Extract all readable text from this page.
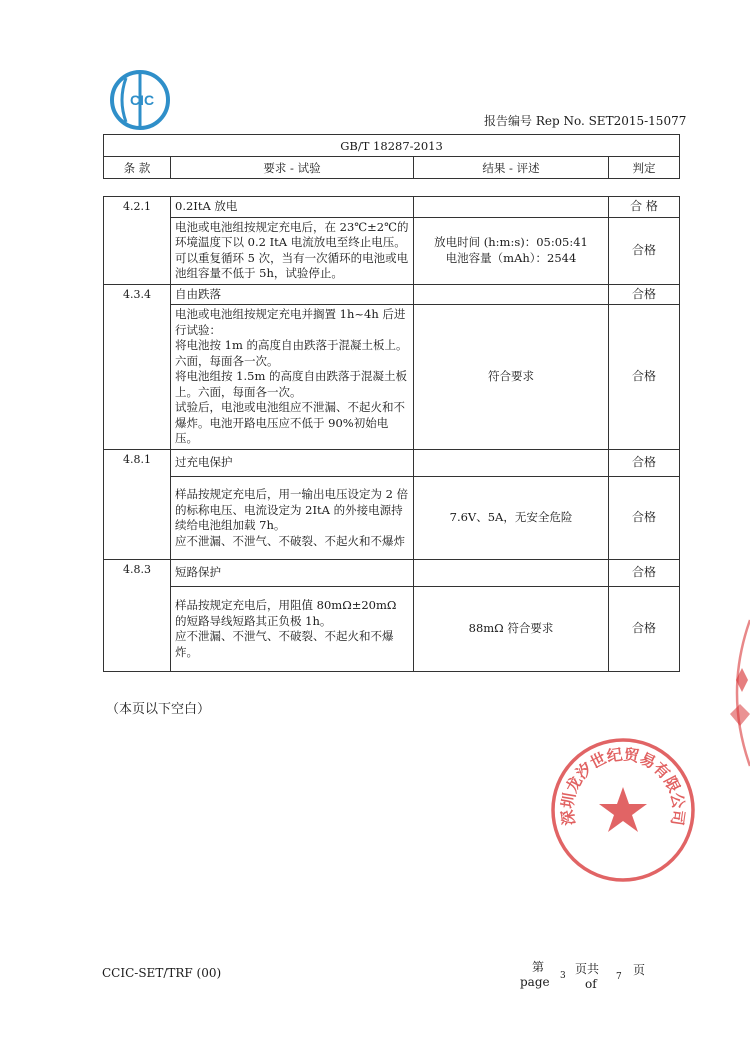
CIC
报告编号 Rep No. SET2015-15077
GB/T 18287-2013
条 款	要求 - 试验	结果 - 评述	判定
4.2.1	0.2ItA 放电		合 格
	电池或电池组按规定充电后，在 23℃±2℃的环境温度下以 0.2 ItA 电流放电至终止电压。可以重复循环 5 次，当有一次循环的电池或电池组容量不低于 5h，试验停止。	放电时间 (h:m:s)：05:05:41
电池容量（mAh）：2544	合格
4.3.4	自由跌落		合格
	电池或电池组按规定充电并搁置 1h~4h 后进行试验：
将电池按 1m 的高度自由跌落于混凝土板上。六面，每面各一次。
将电池组按 1.5m 的高度自由跌落于混凝土板上。六面，每面各一次。
试验后，电池或电池组应不泄漏、不起火和不爆炸。电池开路电压应不低于 90%初始电压。	符合要求	合格
4.8.1	过充电保护		合格
	样品按规定充电后，用一输出电压设定为 2 倍的标称电压、电流设定为 2ItA 的外接电源持续给电池组加载 7h。
应不泄漏、不泄气、不破裂、不起火和不爆炸	7.6V、5A，无安全危险	合格
4.8.3	短路保护		合格
	样品按规定充电后，用阻值 80mΩ±20mΩ 的短路导线短路其正负极 1h。
应不泄漏、不泄气、不破裂、不起火和不爆炸。	88mΩ 符合要求	合格
（本页以下空白）
深圳龙汐世纪贸易有限公司
CCIC-SET/TRF (00)	第
page 3 页共
of 7 页
